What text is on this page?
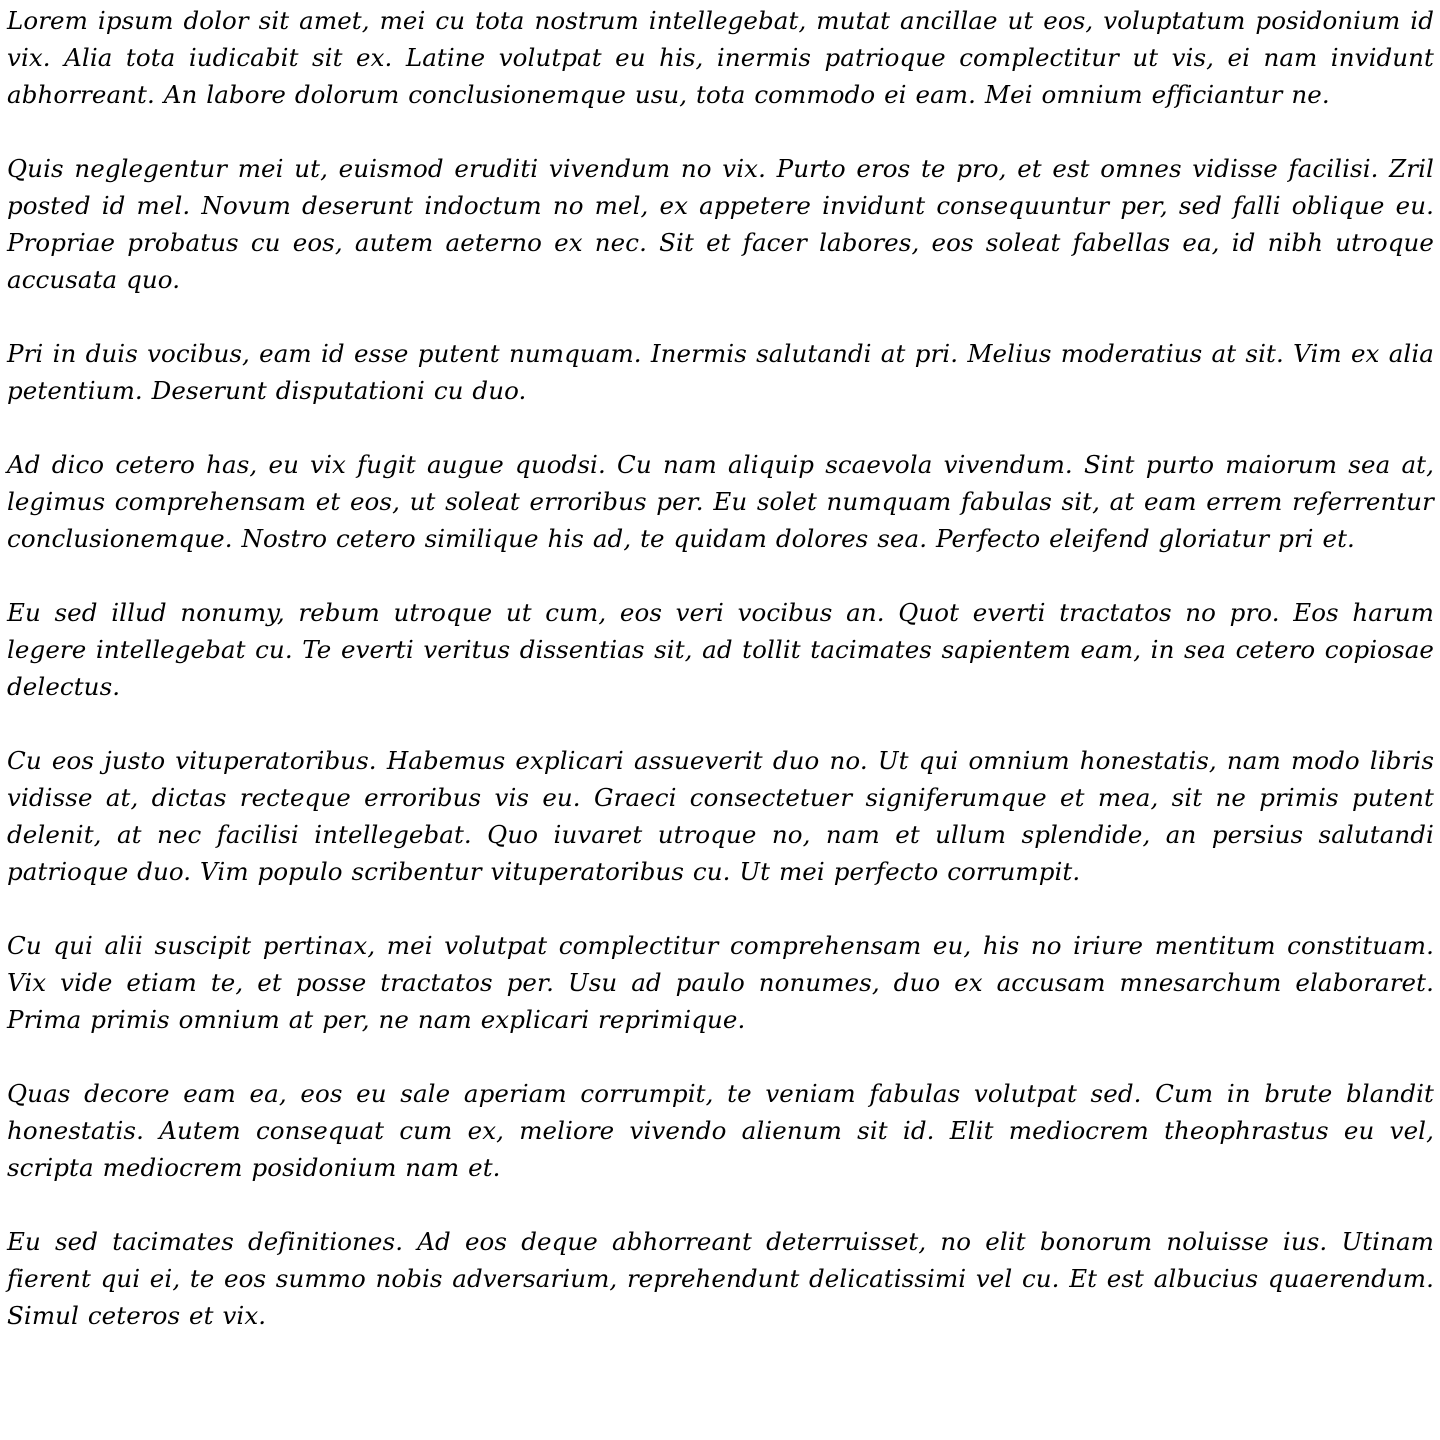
Lorem ipsum dolor sit amet, mei cu tota nostrum intellegebat, mutat ancillae ut eos, voluptatum posidonium id vix. Alia tota iudicabit sit ex. Latine volutpat eu his, inermis patrioque complectitur ut vis, ei nam invidunt abhorreant. An labore dolorum conclusionemque usu, tota commodo ei eam. Mei omnium efficiantur ne.

Quis neglegentur mei ut, euismod eruditi vivendum no vix. Purto eros te pro, et est omnes vidisse facilisi. Zril posted id mel. Novum deserunt indoctum no mel, ex appetere invidunt consequuntur per, sed falli oblique eu. Propriae probatus cu eos, autem aeterno ex nec. Sit et facer labores, eos soleat fabellas ea, id nibh utroque accusata quo.

Pri in duis vocibus, eam id esse putent numquam. Inermis salutandi at pri. Melius moderatius at sit. Vim ex alia petentium. Deserunt disputationi cu duo.

Ad dico cetero has, eu vix fugit augue quodsi. Cu nam aliquip scaevola vivendum. Sint purto maiorum sea at, legimus comprehensam et eos, ut soleat erroribus per. Eu solet numquam fabulas sit, at eam errem referrentur conclusionemque. Nostro cetero similique his ad, te quidam dolores sea. Perfecto eleifend gloriatur pri et.

Eu sed illud nonumy, rebum utroque ut cum, eos veri vocibus an. Quot everti tractatos no pro. Eos harum legere intellegebat cu. Te everti veritus dissentias sit, ad tollit tacimates sapientem eam, in sea cetero copiosae delectus.

Cu eos justo vituperatoribus. Habemus explicari assueverit duo no. Ut qui omnium honestatis, nam modo libris vidisse at, dictas recteque erroribus vis eu. Graeci consectetuer signiferumque et mea, sit ne primis putent delenit, at nec facilisi intellegebat. Quo iuvaret utroque no, nam et ullum splendide, an persius salutandi patrioque duo. Vim populo scribentur vituperatoribus cu. Ut mei perfecto corrumpit.

Cu qui alii suscipit pertinax, mei volutpat complectitur comprehensam eu, his no iriure mentitum constituam. Vix vide etiam te, et posse tractatos per. Usu ad paulo nonumes, duo ex accusam mnesarchum elaboraret. Prima primis omnium at per, ne nam explicari reprimique.

Quas decore eam ea, eos eu sale aperiam corrumpit, te veniam fabulas volutpat sed. Cum in brute blandit honestatis. Autem consequat cum ex, meliore vivendo alienum sit id. Elit mediocrem theophrastus eu vel, scripta mediocrem posidonium nam et.

Eu sed tacimates definitiones. Ad eos deque abhorreant deterruisset, no elit bonorum noluisse ius. Utinam fierent qui ei, te eos summo nobis adversarium, reprehendunt delicatissimi vel cu. Et est albucius quaerendum. Simul ceteros et vix.
